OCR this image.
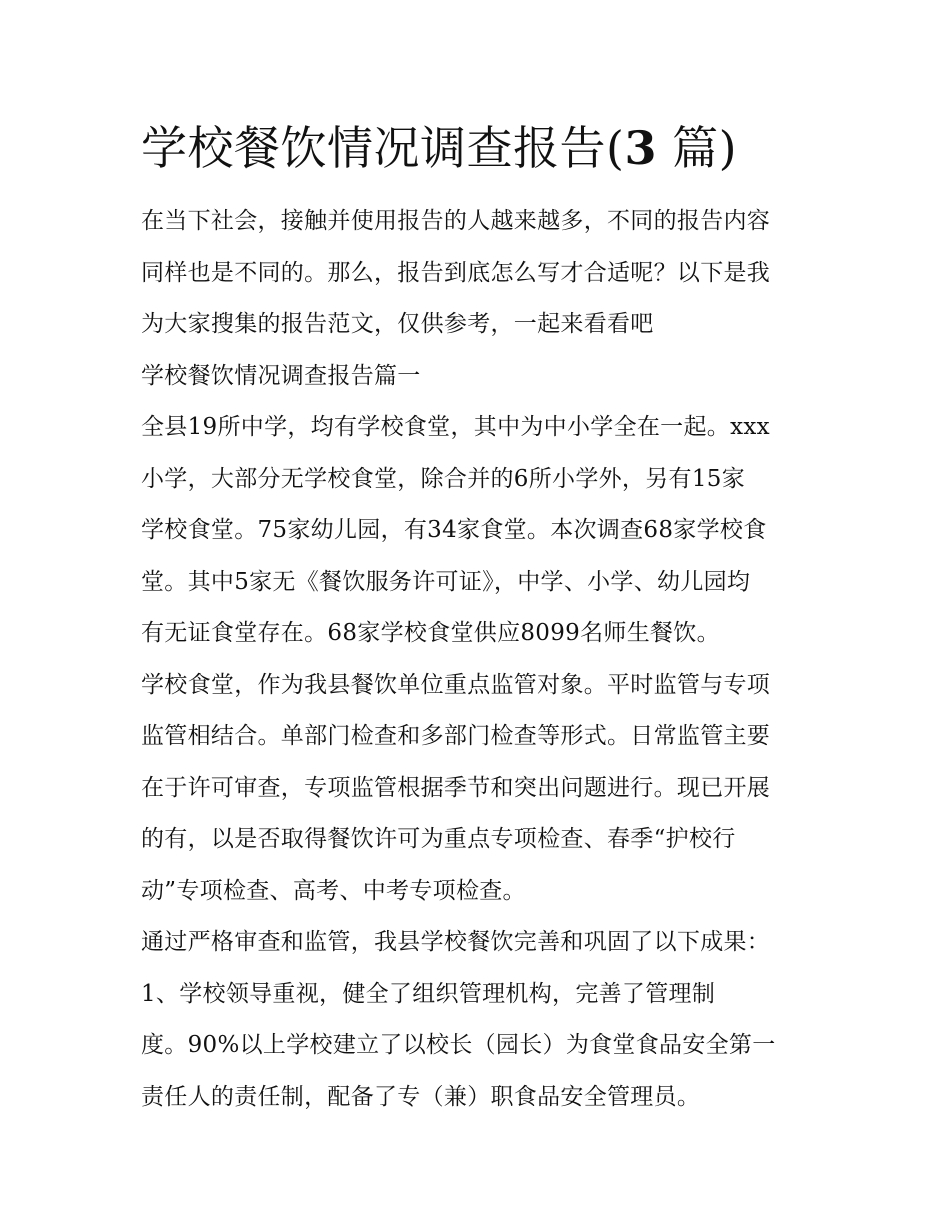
学校餐饮情况调查报告(3 篇)
在当下社会，接触并使用报告的人越来越多，不同的报告内容
同样也是不同的。那么，报告到底怎么写才合适呢？以下是我
为大家搜集的报告范文，仅供参考，一起来看看吧
学校餐饮情况调查报告篇一
全县19所中学，均有学校食堂，其中为中小学全在一起。xxx
小学，大部分无学校食堂，除合并的6所小学外，另有15家
学校食堂。75家幼儿园，有34家食堂。本次调查68家学校食
堂。其中5家无《餐饮服务许可证》，中学、小学、幼儿园均
有无证食堂存在。68家学校食堂供应8099名师生餐饮。
学校食堂，作为我县餐饮单位重点监管对象。平时监管与专项
监管相结合。单部门检查和多部门检查等形式。日常监管主要
在于许可审查，专项监管根据季节和突出问题进行。现已开展
的有，以是否取得餐饮许可为重点专项检查、春季“护校行
动”专项检查、高考、中考专项检查。
通过严格审查和监管，我县学校餐饮完善和巩固了以下成果：
1、学校领导重视，健全了组织管理机构，完善了管理制
度。90%以上学校建立了以校长（园长）为食堂食品安全第一
责任人的责任制，配备了专（兼）职食品安全管理员。
